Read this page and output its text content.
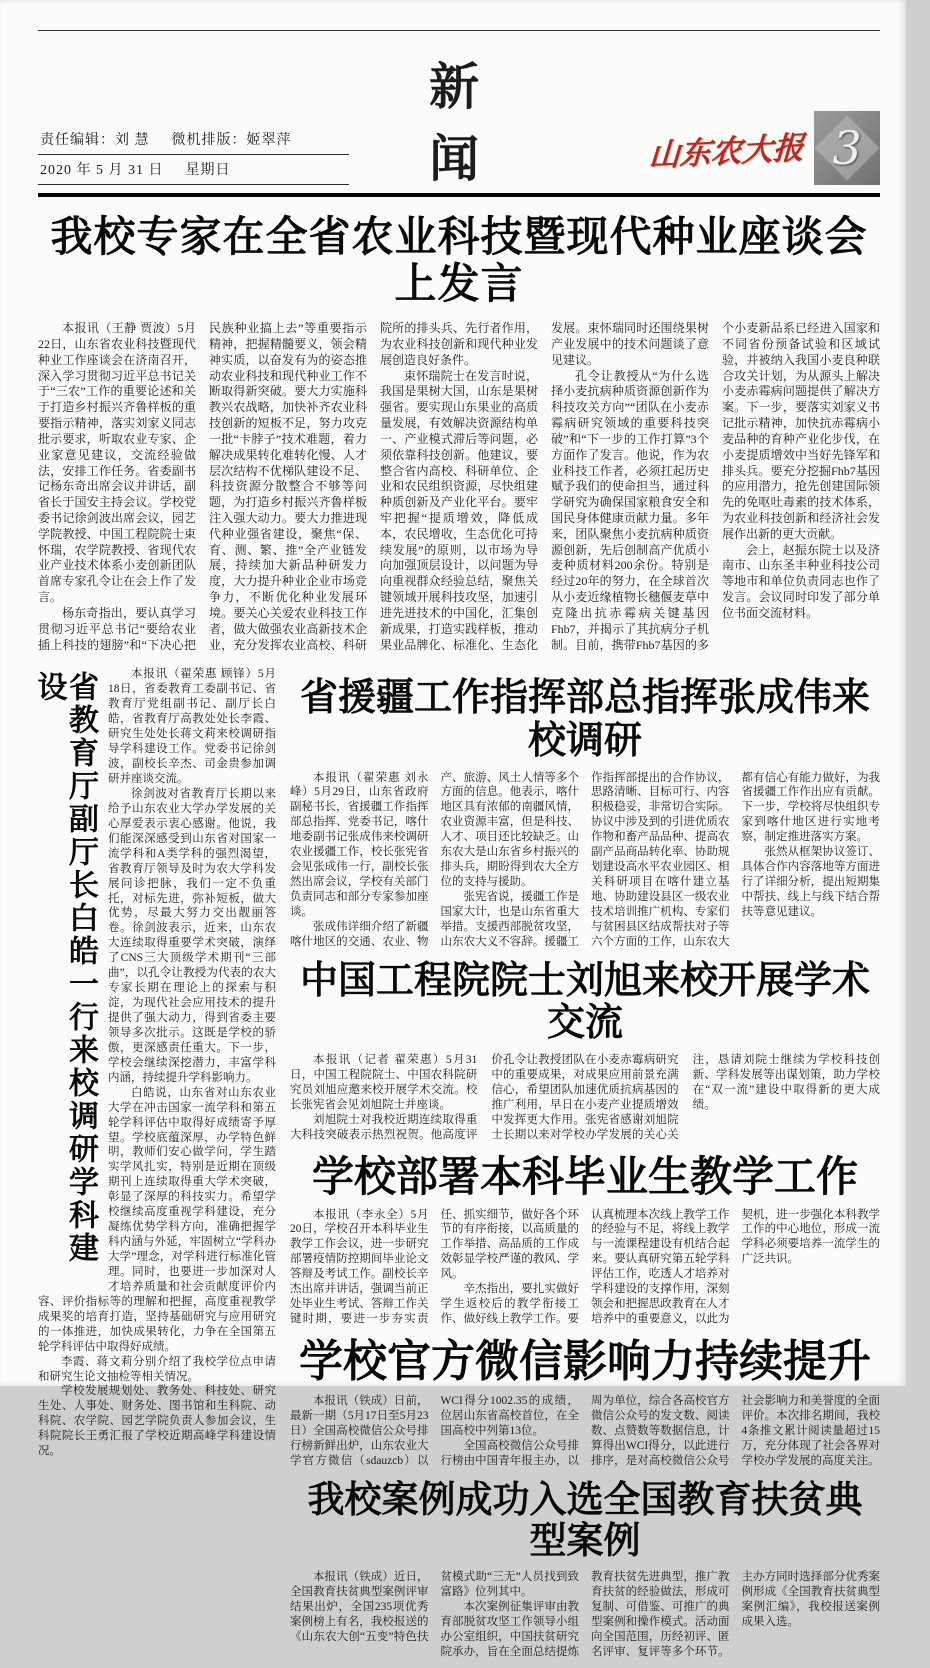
责任编辑：刘 慧 微机排版：姬翠萍
2020 年 5 月 31 日 星期日
新闻	山东农大报 3
我校专家在全省农业科技暨现代种业座谈会上发言

本报讯（王静 贾波）5月22日，山东省农业科技暨现代种业工作座谈会在济南召开，深入学习贯彻习近平总书记关于“三农”工作的重要论述和关于打造乡村振兴齐鲁样板的重要指示精神，落实刘家义同志批示要求，听取农业专家、企业家意见建议，交流经验做法，安排工作任务。省委副书记杨东奇出席会议并讲话，副省长于国安主持会议。学校党委书记徐剑波出席会议，园艺学院教授、中国工程院院士束怀瑞，农学院教授、省现代农业产业技术体系小麦创新团队首席专家孔令让在会上作了发言。

杨东奇指出，要认真学习贯彻习近平总书记“要给农业插上科技的翅膀”和“下决心把民族种业搞上去”等重要指示精神，把握精髓要义，领会精神实质，以奋发有为的姿态推动农业科技和现代种业工作不断取得新突破。要大力实施科教兴农战略，加快补齐农业科技创新的短板不足，努力攻克一批“卡脖子”技术难题，着力解决成果转化难转化慢、人才层次结构不优梯队建设不足、科技资源分散整合不够等问题，为打造乡村振兴齐鲁样板注入强大动力。要大力推进现代种业强省建设，聚焦“保、育、测、繁、推”全产业链发展，持续加大新品种研发力度，大力提升种业企业市场竞争力，不断优化种业发展环境。要关心关爱农业科技工作者，做大做强农业高新技术企业，充分发挥农业高校、科研院所的排头兵、先行者作用，为农业科技创新和现代种业发展创造良好条件。

束怀瑞院士在发言时说，我国是果树大国，山东是果树强省。要实现山东果业的高质量发展，有效解决资源结构单一、产业模式滞后等问题，必须依靠科技创新。他建议，要整合省内高校、科研单位、企业和农民组织资源，尽快组建种质创新及产业化平台。要牢牢把握“提质增效，降低成本，农民增收，生态优化可持续发展”的原则，以市场为导向加强顶层设计，以问题为导向重视群众经验总结，聚焦关键领域开展科技攻坚，加速引进先进技术的中国化，汇集创新成果，打造实践样板，推动果业品牌化、标准化、生态化发展。束怀瑞同时还围绕果树产业发展中的技术问题谈了意见建议。

孔令让教授从“为什么选择小麦抗病种质资源创新作为科技攻关方向”“团队在小麦赤霉病研究领域的重要科技突破”和“下一步的工作打算”3个方面作了发言。他说，作为农业科技工作者，必须扛起历史赋予我们的使命担当，通过科学研究为确保国家粮食安全和国民身体健康贡献力量。多年来，团队聚焦小麦抗病种质资源创新，先后创制高产优质小麦种质材料200余份。特别是经过20年的努力，在全球首次从小麦近缘植物长穗偃麦草中克隆出抗赤霉病关键基因Fhb7，并揭示了其抗病分子机制。目前，携带Fhb7基因的多个小麦新品系已经进入国家和不同省份预备试验和区域试验，并被纳入我国小麦良种联合攻关计划，为从源头上解决小麦赤霉病问题提供了解决方案。下一步，要落实刘家义书记批示精神，加快抗赤霉病小麦品种的育种产业化步伐，在小麦提质增效中当好先锋军和排头兵。要充分挖掘Fhb7基因的应用潜力，抢先创建国际领先的免呕吐毒素的技术体系，为农业科技创新和经济社会发展作出新的更大贡献。

会上，赵振东院士以及济南市、山东圣丰种业科技公司等地市和单位负责同志也作了发言。会议同时印发了部分单位书面交流材料。

省教育厅副厅长白皓一行来校调研学科建设	本报讯（翟荣惠 顾锋）5月18日，省委教育工委副书记、省教育厅党组副书记、副厅长白皓，省教育厅高教处处长李霞、研究生处处长蒋文莉来校调研指导学科建设工作。党委书记徐剑波，副校长辛杰、司金贵参加调研并座谈交流。

徐剑波对省教育厅长期以来给予山东农业大学办学发展的关心厚爱表示衷心感谢。他说，我们能深深感受到山东省对国家一流学科和A类学科的强烈渴望，省教育厅领导及时为农大学科发展问诊把脉，我们一定不负重托，对标先进，弥补短板，做大优势，尽最大努力交出靓丽答卷。徐剑波表示，近来，山东农大连续取得重要学术突破，演绎了CNS三大顶级学术期刊“三部曲”，以孔令让教授为代表的农大专家长期在理论上的探索与积淀，为现代社会应用技术的提升提供了强大动力，得到省委主要领导多次批示。这既是学校的骄傲，更深感责任重大。下一步，学校会继续深挖潜力，丰富学科内涵，持续提升学科影响力。

白皓说，山东省对山东农业大学在冲击国家一流学科和第五轮学科评估中取得好成绩寄予厚望。学校底蕴深厚，办学特色鲜明，教师们安心做学问，学生踏实学风扎实，特别是近期在顶级期刊上连续取得重大学术突破，彰显了深厚的科技实力。希望学校继续高度重视学科建设，充分凝练优势学科方向，准确把握学科内涵与外延，牢固树立“学科办大学”理念，对学科进行标准化管理。同时，也要进一步加深对人才培养质量和社会贡献度评价内容、评价指标等的理解和把握，高度重视教学成果奖的培育打造，坚持基础研究与应用研究的一体推进，加快成果转化，力争在全国第五轮学科评估中取得好成绩。

李霞、蒋文莉分别介绍了我校学位点申请和研究生论文抽检等相关情况。

学校发展规划处、教务处、科技处、研究生处、人事处、财务处、图书馆和生科院、动科院、农学院、园艺学院负责人参加会议，生科院院长王勇汇报了学校近期高峰学科建设情况。

省援疆工作指挥部总指挥张成伟来校调研

本报讯（翟荣惠 刘永峰）5月29日，山东省政府副秘书长，省援疆工作指挥部总指挥、党委书记，喀什地委副书记张成伟来校调研农业援疆工作，校长张宪省会见张成伟一行，副校长张然出席会议，学校有关部门负责同志和部分专家参加座谈。

张成伟详细介绍了新疆喀什地区的交通、农业、物产、旅游、风土人情等多个方面的信息。他表示，喀什地区具有浓郁的南疆风情，农业资源丰富，但是科技、人才、项目还比较缺乏。山东农大是山东省乡村振兴的排头兵，期盼得到农大全方位的支持与援助。

张宪省说，援疆工作是国家大计，也是山东省重大举措。支援西部脱贫攻坚，山东农大义不容辞。援疆工作指挥部提出的合作协议，思路清晰、目标可行、内容积极稳妥，非常切合实际。协议中涉及到的引进优质农作物和畜产品品种、提高农副产品商品转化率、协助规划建设高水平农业园区、相关科研项目在喀什建立基地、协助建设县区一级农业技术培训推广机构、专家们与贫困县区结成帮扶对子等六个方面的工作，山东农大都有信心有能力做好，为我省援疆工作作出应有贡献。下一步，学校将尽快组织专家到喀什地区进行实地考察，制定推进落实方案。

张然从框架协议签订、具体合作内容落地等方面进行了详细分析，提出短期集中帮扶、线上与线下结合帮扶等意见建议。

中国工程院院士刘旭来校开展学术交流

本报讯（记者 翟荣惠）5月31日，中国工程院院士、中国农科院研究员刘旭应邀来校开展学术交流。校长张宪省会见刘旭院士并座谈。

刘旭院士对我校近期连续取得重大科技突破表示热烈祝贺。他高度评价孔令让教授团队在小麦赤霉病研究中的重要成果，对成果应用前景充满信心，希望团队加速优质抗病基因的推广利用，早日在小麦产业提质增效中发挥更大作用。张宪省感谢刘旭院士长期以来对学校办学发展的关心关注，恳请刘院士继续为学校科技创新、学科发展等出谋划策，助力学校在“双一流”建设中取得新的更大成绩。

学校部署本科毕业生教学工作

本报讯（李永全）5月20日，学校召开本科毕业生教学工作会议，进一步研究部署疫情防控期间毕业论文答辩及考试工作。副校长辛杰出席并讲话，强调当前正处毕业生考试、答辩工作关键时期，要进一步夯实责任、抓实细节，做好各个环节的有序衔接，以高质量的工作举措、高品质的工作成效彰显学校严谨的教风、学风。

辛杰指出，要扎实做好学生返校后的教学衔接工作、做好线上教学工作。要认真梳理本次线上教学工作的经验与不足，将线上教学与一流课程建设有机结合起来。要认真研究第五轮学科评估工作，吃透人才培养对学科建设的支撑作用，深刻领会和把握思政教育在人才培养中的重要意义，以此为契机，进一步强化本科教学工作的中心地位，形成一流学科必须要培养一流学生的广泛共识。

学校官方微信影响力持续提升

本报讯（铁成）日前，最新一期（5月17日至5月23日）全国高校微信公众号排行榜新鲜出炉，山东农业大学官方微信（sdauzcb）以WCI得分1002.35的成绩，位居山东省高校首位，在全国高校中列第13位。

全国高校微信公众号排行榜由中国青年报主办，以周为单位，综合各高校官方微信公众号的发文数、阅读数、点赞数等数据信息，计算得出WCI得分，以此进行排序，是对高校微信公众号社会影响力和美誉度的全面评价。本次排名期间，我校4条推文累计阅读量超过15万，充分体现了社会各界对学校办学发展的高度关注。

我校案例成功入选全国教育扶贫典型案例

本报讯（铁成）近日，全国教育扶贫典型案例评审结果出炉，全国235项优秀案例榜上有名，我校报送的《山东农大创“五变”特色扶贫模式助“三无”人员找到致富路》位列其中。

本次案例征集评审由教育部脱贫攻坚工作领导小组办公室组织，中国扶贫研究院承办，旨在全面总结提炼教育扶贫先进典型，推广教育扶贫的经验做法，形成可复制、可借鉴、可推广的典型案例和操作模式。活动面向全国范围，历经初评、匿名评审、复评等多个环节。主办方同时选择部分优秀案例形成《全国教育扶贫典型案例汇编》，我校报送案例成果入选。
